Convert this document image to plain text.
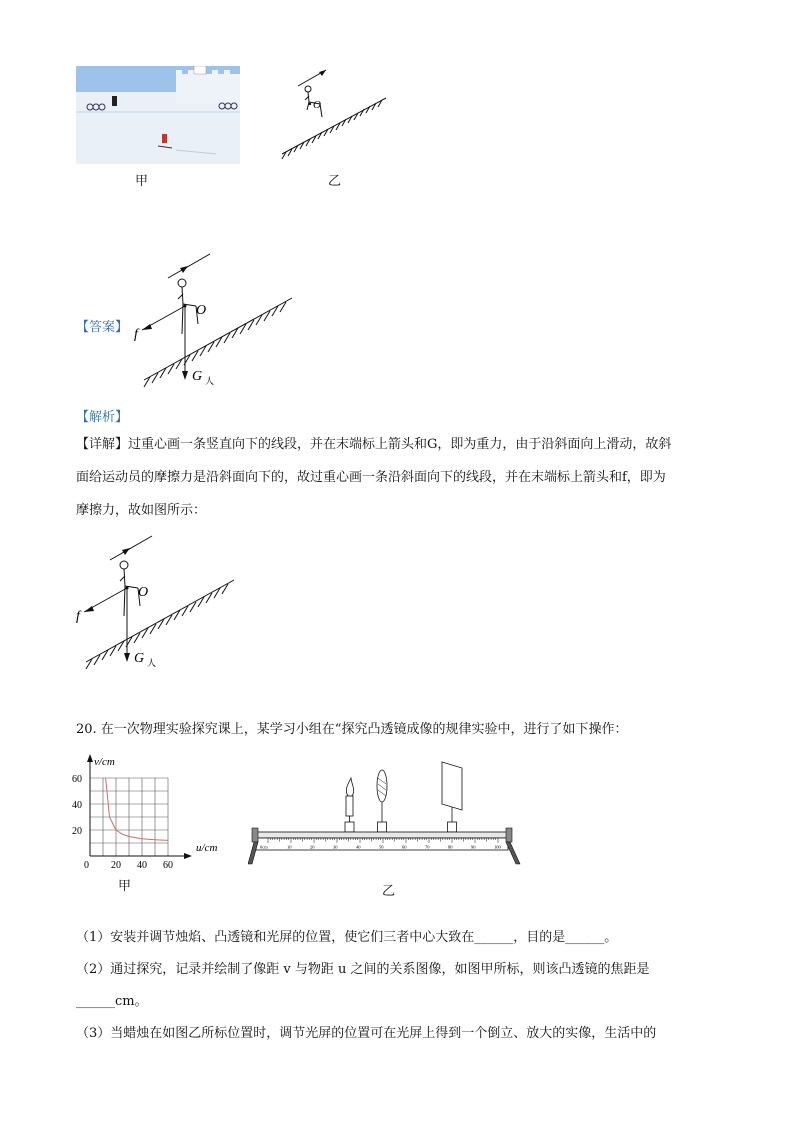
甲
O
乙
【答案】
O
f
G 人
【解析】
【详解】过重心画一条竖直向下的线段，并在末端标上箭头和G，即为重力，由于沿斜面向上滑动，故斜
面给运动员的摩擦力是沿斜面向下的，故过重心画一条沿斜面向下的线段，并在末端标上箭头和f，即为
摩擦力，故如图所示：
O
f
G 人
20. 在一次物理实验探究课上，某学习小组在“探究凸透镜成像的规律实验中，进行了如下操作：
60
40
20
0 20 40 60
v/cm
u/cm
甲
0cm	10	20	30	40	50	60	70	80	90	100
乙
（1）安装并调节烛焰、凸透镜和光屏的位置，使它们三者中心大致在______，目的是______。
（2）通过探究，记录并绘制了像距 v 与物距 u 之间的关系图像，如图甲所标，则该凸透镜的焦距是
______cm。
（3）当蜡烛在如图乙所标位置时，调节光屏的位置可在光屏上得到一个倒立、放大的实像，生活中的
